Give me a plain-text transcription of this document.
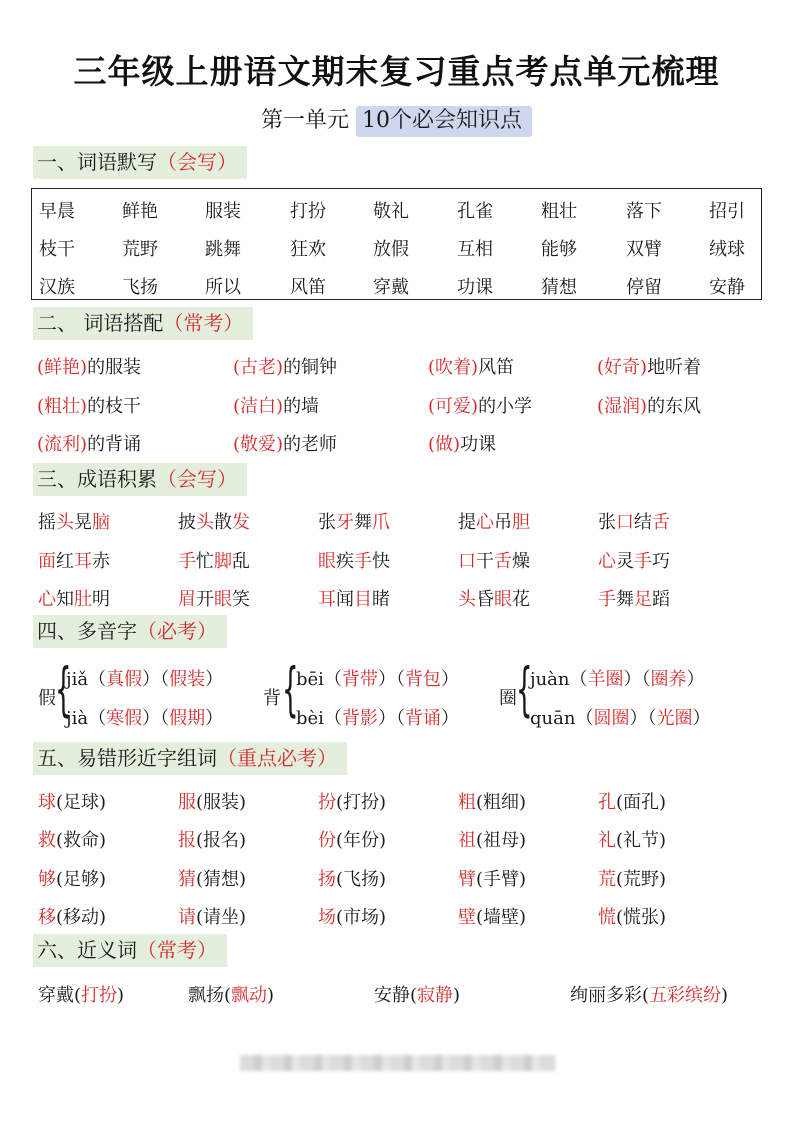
三年级上册语文期末复习重点考点单元梳理
第一单元 10个必会知识点
一、词语默写（会写）
二、 词语搭配（常考）
三、成语积累（会写）
四、多音字（必考）
五、易错形近字组词（重点必考）
六、近义词（常考）
早晨	鲜艳	服装	打扮	敬礼	孔雀	粗壮	落下	招引
枝干	荒野	跳舞	狂欢	放假	互相	能够	双臂	绒球
汉族	飞扬	所以	风笛	穿戴	功课	猜想	停留	安静
(鲜艳)的服装	(古老)的铜钟	(吹着)风笛	(好奇)地听着
(粗壮)的枝干	(洁白)的墙	(可爱)的小学	(湿润)的东风
(流利)的背诵	(敬爱)的老师	(做)功课
摇头晃脑	披头散发	张牙舞爪	提心吊胆	张口结舌
面红耳赤	手忙脚乱	眼疾手快	口干舌燥	心灵手巧
心知肚明	眉开眼笑	耳闻目睹	头昏眼花	手舞足蹈
假 {
jiǎ（真假）（假装）
jià（寒假）（假期）
背 {
bēi（背带）（背包）
bèi（背影）（背诵）
圈 {
juàn（羊圈）（圈养）
quān（圆圈）（光圈）
球(足球)	服(服装)	扮(打扮)	粗(粗细)	孔(面孔)
救(救命)	报(报名)	份(年份)	祖(祖母)	礼(礼节)
够(足够)	猜(猜想)	扬(飞扬)	臂(手臂)	荒(荒野)
移(移动)	请(请坐)	场(市场)	壁(墙壁)	慌(慌张)
穿戴(打扮)	飘扬(飘动)	安静(寂静)	绚丽多彩(五彩缤纷)
